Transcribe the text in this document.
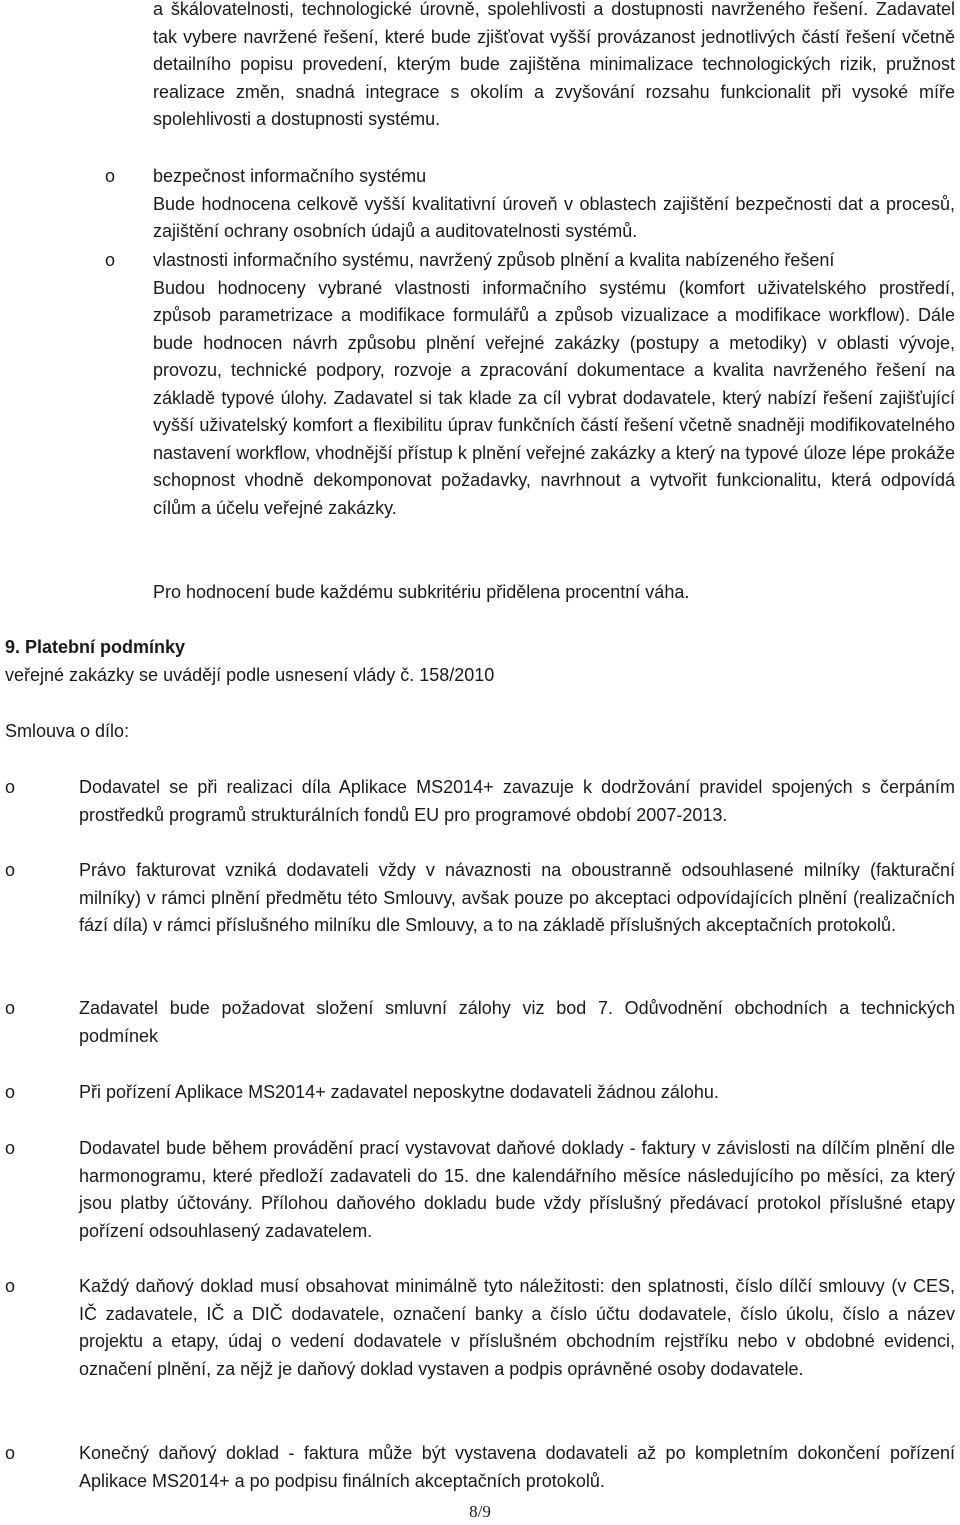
a škálovatelnosti, technologické úrovně, spolehlivosti a dostupnosti navrženého řešení. Zadavatel tak vybere navržené řešení, které bude zjišťovat vyšší provázanost jednotlivých částí řešení včetně detailního popisu provedení, kterým bude zajištěna minimalizace technologických rizik, pružnost realizace změn, snadná integrace s okolím a zvyšování rozsahu funkcionalit při vysoké míře spolehlivosti a dostupnosti systému.

o bezpečnost informačního systému

Bude hodnocena celkově vyšší kvalitativní úroveň v oblastech zajištění bezpečnosti dat a procesů, zajištění ochrany osobních údajů a auditovatelnosti systémů.

o vlastnosti informačního systému, navržený způsob plnění a kvalita nabízeného řešení

Budou hodnoceny vybrané vlastnosti informačního systému (komfort uživatelského prostředí, způsob parametrizace a modifikace formulářů a způsob vizualizace a modifikace workflow). Dále bude hodnocen návrh způsobu plnění veřejné zakázky (postupy a metodiky) v oblasti vývoje, provozu, technické podpory, rozvoje a zpracování dokumentace a kvalita navrženého řešení na základě typové úlohy. Zadavatel si tak klade za cíl vybrat dodavatele, který nabízí řešení zajišťující vyšší uživatelský komfort a flexibilitu úprav funkčních částí řešení včetně snadněji modifikovatelného nastavení workflow, vhodnější přístup k plnění veřejné zakázky a který na typové úloze lépe prokáže schopnost vhodně dekomponovat požadavky, navrhnout a vytvořit funkcionalitu, která odpovídá cílům a účelu veřejné zakázky.

Pro hodnocení bude každému subkritériu přidělena procentní váha.
9. Platební podmínky
veřejné zakázky se uvádějí podle usnesení vlády č. 158/2010
Smlouva o dílo:
o	Dodavatel se při realizaci díla Aplikace MS2014+ zavazuje k dodržování pravidel spojených s čerpáním prostředků programů strukturálních fondů EU pro programové období 2007-2013.

o	Právo fakturovat vzniká dodavateli vždy v návaznosti na oboustranně odsouhlasené milníky (fakturační milníky) v rámci plnění předmětu této Smlouvy, avšak pouze po akceptaci odpovídajících plnění (realizačních fází díla) v rámci příslušného milníku dle Smlouvy, a to na základě příslušných akceptačních protokolů.

o	Zadavatel bude požadovat složení smluvní zálohy viz bod 7. Odůvodnění obchodních a technických podmínek

o	Při pořízení Aplikace MS2014+ zadavatel neposkytne dodavateli žádnou zálohu.

o	Dodavatel bude během provádění prací vystavovat daňové doklady - faktury v závislosti na dílčím plnění dle harmonogramu, které předloží zadavateli do 15. dne kalendářního měsíce následujícího po měsíci, za který jsou platby účtovány. Přílohou daňového dokladu bude vždy příslušný předávací protokol příslušné etapy pořízení odsouhlasený zadavatelem.

o	Každý daňový doklad musí obsahovat minimálně tyto náležitosti: den splatnosti, číslo dílčí smlouvy (v CES, IČ zadavatele, IČ a DIČ dodavatele, označení banky a číslo účtu dodavatele, číslo úkolu, číslo a název projektu a etapy, údaj o vedení dodavatele v příslušném obchodním rejstříku nebo v obdobné evidenci, označení plnění, za nějž je daňový doklad vystaven a podpis oprávněné osoby dodavatele.

o	Konečný daňový doklad - faktura může být vystavena dodavateli až po kompletním dokončení pořízení Aplikace MS2014+ a po podpisu finálních akceptačních protokolů.

8/9
